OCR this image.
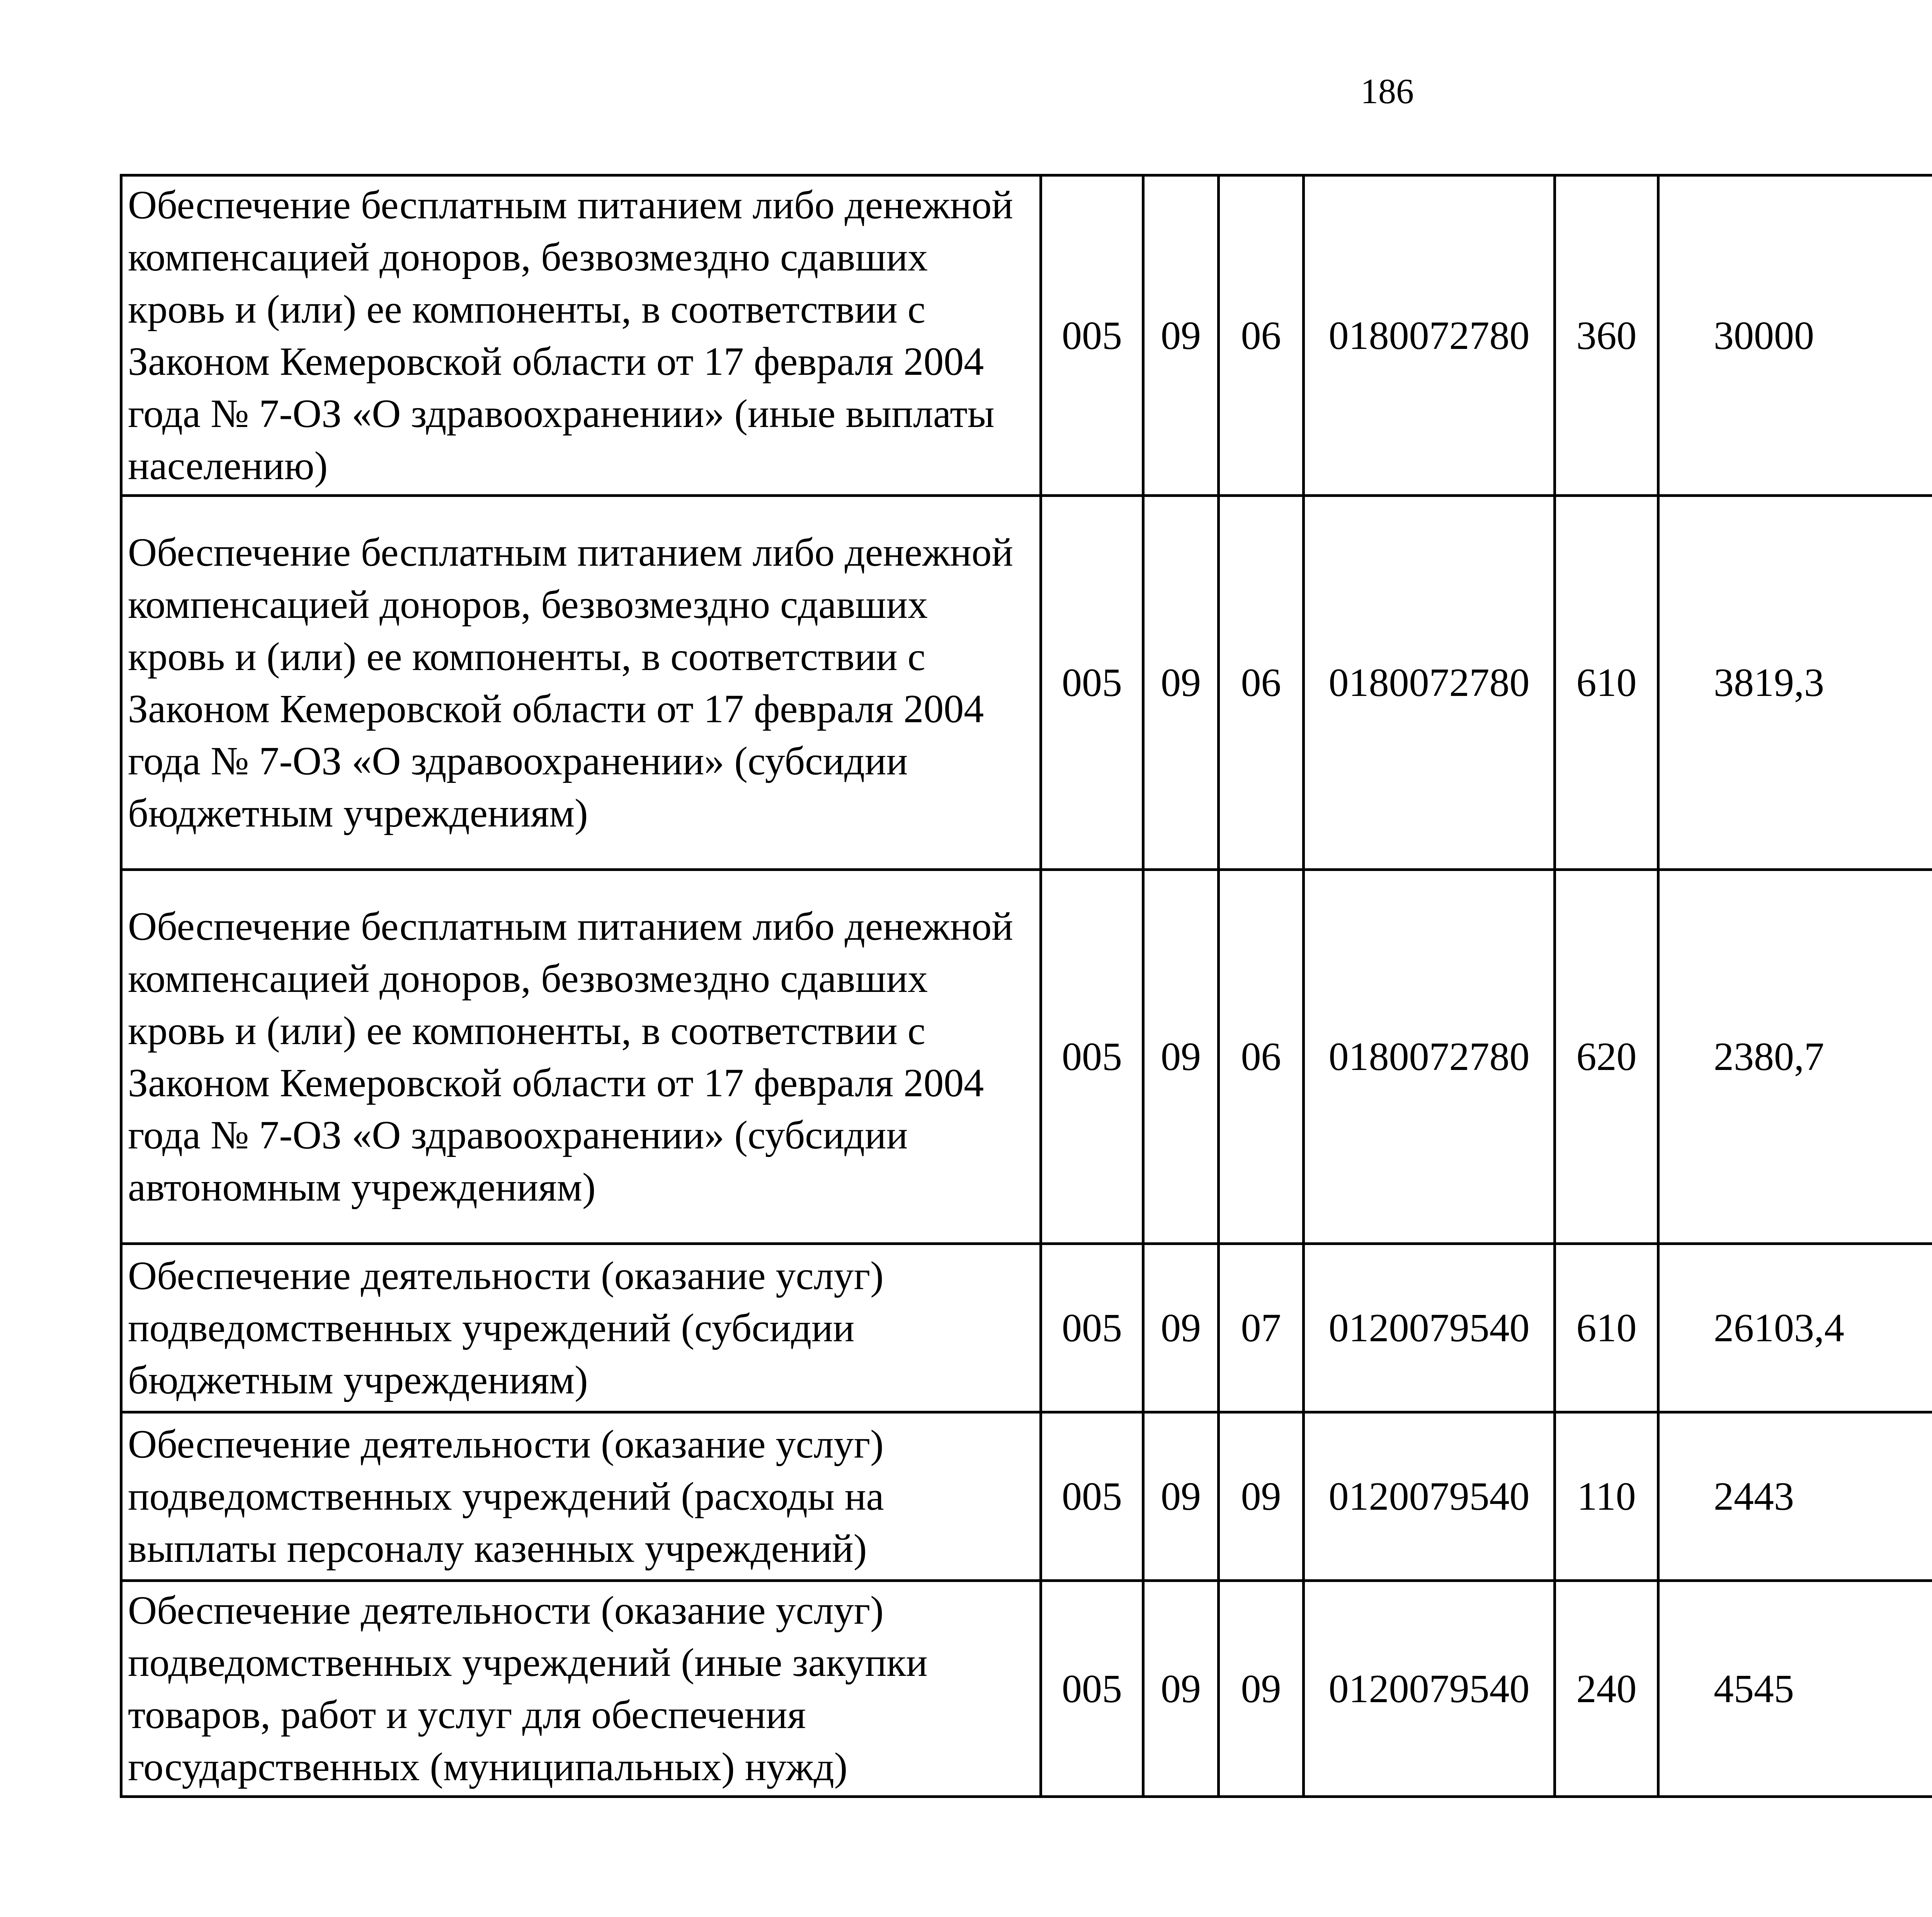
186
Обеспечение бесплатным питанием либо денежной компенсацией доноров, безвозмездно сдавших кровь и (или) ее компоненты, в соответствии с Законом Кемеровской области от 17 февраля 2004 года № 7-ОЗ «О здравоохранении» (иные выплаты населению)	005	09	06	0180072780	360	30000		
Обеспечение бесплатным питанием либо денежной компенсацией доноров, безвозмездно сдавших кровь и (или) ее компоненты, в соответствии с Законом Кемеровской области от 17 февраля 2004 года № 7-ОЗ «О здравоохранении» (субсидии бюджетным учреждениям)	005	09	06	0180072780	610	3819,3		
Обеспечение бесплатным питанием либо денежной компенсацией доноров, безвозмездно сдавших кровь и (или) ее компоненты, в соответствии с Законом Кемеровской области от 17 февраля 2004 года № 7-ОЗ «О здравоохранении» (субсидии автономным учреждениям)	005	09	06	0180072780	620	2380,7		
Обеспечение деятельности (оказание услуг) подведомственных учреждений (субсидии бюджетным учреждениям)	005	09	07	0120079540	610	26103,4		
Обеспечение деятельности (оказание услуг) подведомственных учреждений (расходы на выплаты персоналу казенных учреждений)	005	09	09	0120079540	110	2443		
Обеспечение деятельности (оказание услуг) подведомственных учреждений (иные закупки товаров, работ и услуг для обеспечения государственных (муниципальных) нужд)	005	09	09	0120079540	240	4545		
